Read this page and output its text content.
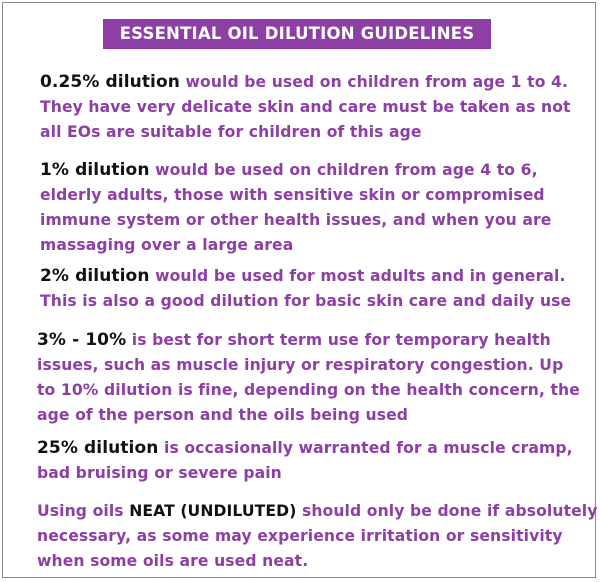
ESSENTIAL OIL DILUTION GUIDELINES

0.25% dilution would be used on children from age 1 to 4.
They have very delicate skin and care must be taken as not
all EOs are suitable for children of this age

1% dilution would be used on children from age 4 to 6,
elderly adults, those with sensitive skin or compromised
immune system or other health issues, and when you are
massaging over a large area

2% dilution would be used for most adults and in general.
This is also a good dilution for basic skin care and daily use

3% - 10% is best for short term use for temporary health
issues, such as muscle injury or respiratory congestion. Up
to 10% dilution is fine, depending on the health concern, the
age of the person and the oils being used

25% dilution is occasionally warranted for a muscle cramp,
bad bruising or severe pain

Using oils NEAT (UNDILUTED) should only be done if absolutely
necessary, as some may experience irritation or sensitivity
when some oils are used neat.
